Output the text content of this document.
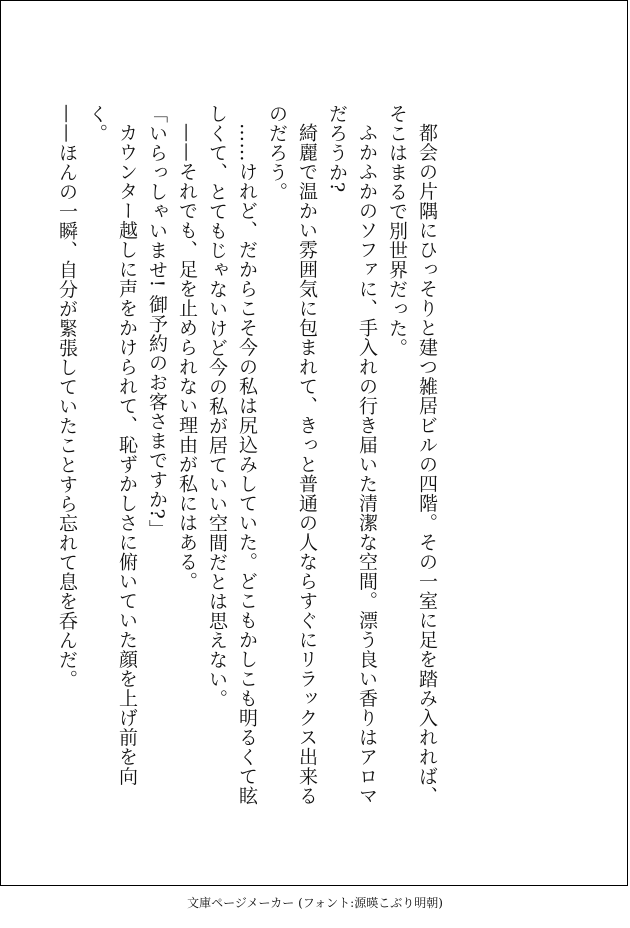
都会の片隅にひっそりと建つ雑居ビルの四階。その一室に足を踏み入れれば、そこはまるで別世界だった。

ふかふかのソファに、手入れの行き届いた清潔な空間。漂う良い香りはアロマだろうか?

綺麗で温かい雰囲気に包まれて、きっと普通の人ならすぐにリラックス出来るのだろう。

……けれど、だからこそ今の私は尻込みしていた。どこもかしこも明るくて眩しくて、とてもじゃないけど今の私が居ていい空間だとは思えない。

——それでも、足を止められない理由が私にはある。

「いらっしゃいませ! 御予約のお客さまですか?」

カウンター越しに声をかけられて、恥ずかしさに俯いていた顔を上げ前を向く。

——ほんの一瞬、自分が緊張していたことすら忘れて息を呑んだ。

文庫ページメーカー (フォント:源暎こぶり明朝)
